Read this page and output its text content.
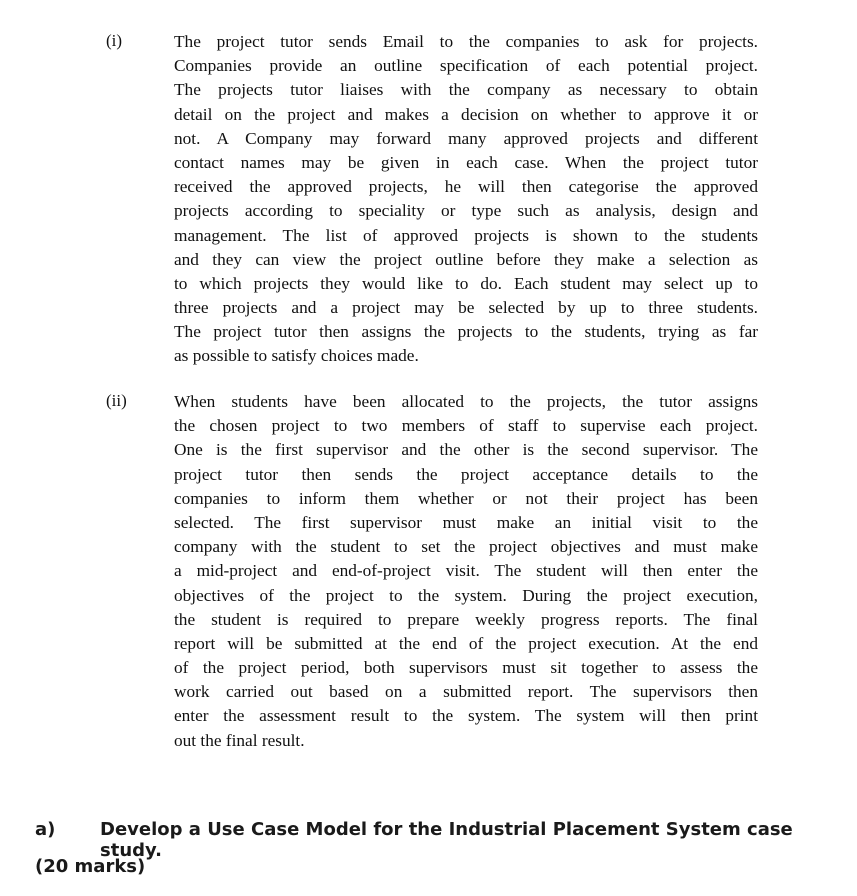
(i)	The project tutor sends Email to the companies to ask for projects.
Companies provide an outline specification of each potential project.
The projects tutor liaises with the company as necessary to obtain
detail on the project and makes a decision on whether to approve it or
not. A Company may forward many approved projects and different
contact names may be given in each case. When the project tutor
received the approved projects, he will then categorise the approved
projects according to speciality or type such as analysis, design and
management. The list of approved projects is shown to the students
and they can view the project outline before they make a selection as
to which projects they would like to do. Each student may select up to
three projects and a project may be selected by up to three students.
The project tutor then assigns the projects to the students, trying as far
as possible to satisfy choices made.
(ii)	When students have been allocated to the projects, the tutor assigns
the chosen project to two members of staff to supervise each project.
One is the first supervisor and the other is the second supervisor. The
project tutor then sends the project acceptance details to the
companies to inform them whether or not their project has been
selected. The first supervisor must make an initial visit to the
company with the student to set the project objectives and must make
a mid-project and end-of-project visit. The student will then enter the
objectives of the project to the system. During the project execution,
the student is required to prepare weekly progress reports. The final
report will be submitted at the end of the project execution. At the end
of the project period, both supervisors must sit together to assess the
work carried out based on a submitted report. The supervisors then
enter the assessment result to the system. The system will then print
out the final result.
a) Develop a Use Case Model for the Industrial Placement System case study.
(20 marks)
